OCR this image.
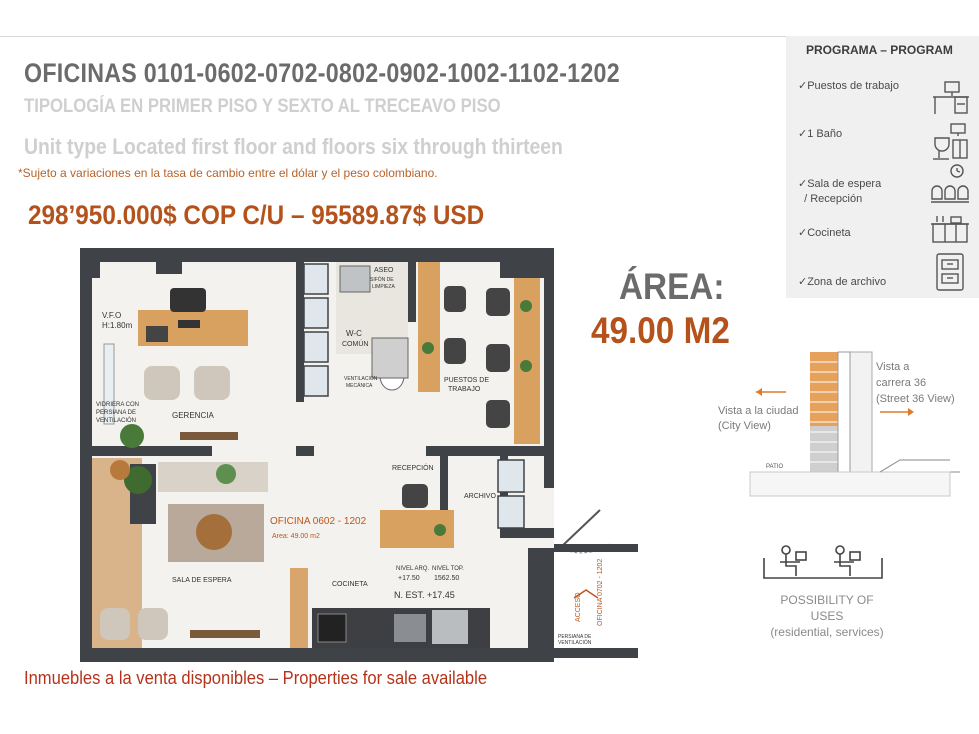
OFICINAS 0101-0602-0702-0802-0902-1002-1102-1202
TIPOLOGÍA EN PRIMER PISO Y SEXTO AL TRECEAVO PISO
Unit type Located first floor and floors six through thirteen
*Sujeto a variaciones en la tasa de cambio entre el dólar y el peso colombiano.
298’950.000$ COP C/U – 95589.87$ USD
ÁREA:
49.00 M2
PROGRAMA – PROGRAM
✓Puestos de trabajo
✓1 Baño
✓Sala de espera
/ Recepción
✓Cocineta
✓Zona de archivo
V.F.O
H:1.80m
VIDRIERA CON
PERSIANA DE
VENTILACIÓN
GERENCIA
ASEO
SIFÓN DE
LIMPIEZA
W-C
COMÚN
VENTILACIÓN
MECÁNICA
PUESTOS DE
TRABAJO
RECEPCIÓN
ARCHIVO
OFICINA 0602 - 1202
Area: 49.00 m2
SALA DE ESPERA
COCINETA
NIVEL ARQ.
+17.50
NIVEL TOP.
1562.50
N. EST. +17.45
PERSIANA DE
VENTILACIÓN
ACCESO OFICINA 0702 - 1202
PATIO
Vista a la ciudad
(City View)
Vista a
carrera 36
(Street 36 View)
POSSIBILITY OF USES
(residential, services)
Inmuebles a la venta disponibles – Properties for sale available
